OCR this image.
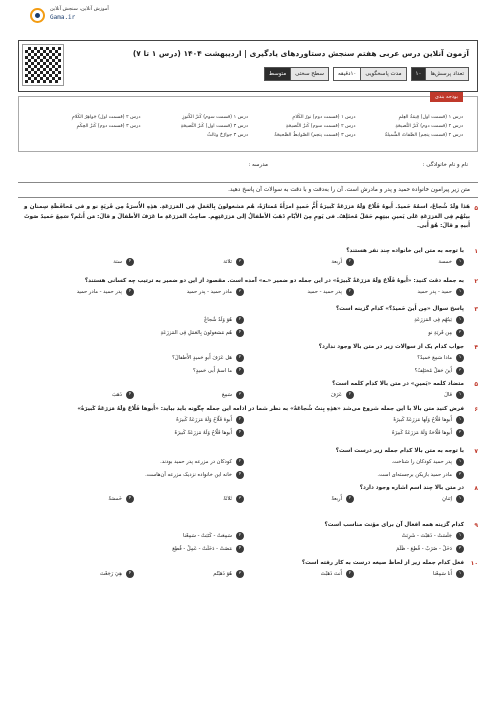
آموزش آنلاین، سنجش آنلاین
Gama.ir
آزمون آنلاین درس عربی هفتم سنجش دستاوردهای یادگیری | اردیبهشت ۱۴۰۴ (درس ۱ تا ۷)
تعداد پرسش‌ها
۱۰
مدت پاسخگویی
۱۰دقیقه
سطح سختی
متوسط
بودجه بندی
درس ۱ (قسمت اول) قِیمَةُ العِلمِ
درس ۱ (قسمت دوم) نورُ الکَلامِ
درس ۱ (قسمت سوم) کَنزُ الکُنوزِ
درس ۲ (قسمت اول) جَواهِرُ الکَلامِ
درس ۲ (قسمت دوم) کَنزُ النَّصیحَةِ
درس ۲ (قسمت سوم) کَنزُ النَّصیحَةِ
درس ۳ (قسمت اول) کَنزُ النَّصیحَةِ
درس ۳ (قسمت دوم) کَنزُ الحِکَمِ
درس ۲ (قسمت پنجم) الصِّفاتُ الشَّمیلةُ
درس ۳ (قسمت پنجم) الصّوابطُ الصِّحیحَةُ
درس ۳ جوارُحُ وثالثٌ
نام و نام خانوادگی :
مدرسه :
متن زیر پیرامون خانواده حمید و پدر و مادرش است. آن را به‌دقت و با دقت به سوالات آن پاسخ دهید.
۵
هَذا وَلَدٌ شُجاعٌ، اسمُهُ حَمیدٌ. أَبوهُ فَلّاحٌ وَلَهُ مَزرَعَةٌ کَبیرَةٌ أُمُّ حَمیدٍ امرَأَةٌ مُمتازَةٌ، هُم مَشغولونَ بِالعَمَلِ فِی المَزرَعَةِ. هذِهِ الأُسرَةُ مِن قَریَةٍ نو و فی مُحافَظَةِ سِمنان و بیتُهُم فِی المَزرَعَةِ عَلی یَمینِ بیتِهِم حَقلٌ مُختَلِفٌ. فی یَومٍ مِنَ الأیّامِ ذَهَبَ الأطفالُ إلی مَزرَعَتِهِم. صاحِبُ المَزرَعَةِ ما عَرَفَ الأطفالَ و قالَ: مَن أَنتُم؟ سَمِعَ حَمیدٌ صَوتَ أَبیهِ و قالَ: هُوَ أَبی.
۱
با توجه به متن این خانواده چند نفر هستند؟
۱
خمسة
۲
أربعة
۳
ثلاثة
۴
ستة
۲
به جمله دقت کنید: «أَبوهُ فَلّاحٌ وَلَهُ مَزرَعَةٌ کَبیرَةٌ» در این جمله دو ضمیر «ـه» آمده است. مقصود از این دو ضمیر به ترتیب چه کسانی هستند؟
۱
حمید - پدر حمید
۲
پدر حمید - حمید
۳
مادر حمید - پدر حمید
۴
پدر حمید - مادر حمید
۳
پاسخ سوال «مِن أَینَ حَمیدٌ؟» کدام گزینه است؟
۱
بَیتُهُم فِی المَزرَعَةِ
۲
هُوَ وَلَدٌ شُجاعٌ
۳
مِن قَریَةِ نو
۴
هُم مَشغولونَ بِالعَمَلِ فِی المَزرَعَةِ
۴
جواب کدام یک از سوالات زیر در متن بالا وجود ندارد؟
۱
ماذا سَمِعَ حَمیدٌ؟
۲
هَل عَرَفَ أَبو حَمیدٍ الأَطفالَ؟
۳
أَینَ حَقلٌ مُختَلِفٌ؟
۴
ما اسمُ أَبی حَمیدٍ؟
۵
متضاد کلمه «یَمینِ» در متن بالا کدام کلمه است؟
۱
قالَ
۲
عَرَفَ
۳
سَمِعَ
۴
ذَهَبَ
۶
فرض کنید متن بالا با این جمله شروع می‌شد «هذِهِ بِنتٌ شُجاعَةٌ» به نظر شما در ادامه این جمله چگونه باید بیاید: «أَبوها فَلّاحٌ وَلَهُ مَزرَعَةٌ کَبیرَةٌ»
۱
أَبوها فَلّاحٌ وَلَها مَزرَعَةٌ کَبیرَةٌ
۲
أَبوهُ فَلّاحٌ وَلَهُ مَزرَعَةٌ کَبیرَةٌ
۳
أَبوها فَلّاحَةٌ وَلَهُ مَزرَعَةٌ کَبیرَةٌ
۴
أَبوها فَلّاحٌ وَلَهُ مَزرَعَةٌ کَبیرَةٌ
۷
با توجه به متن بالا کدام جمله زیر درست است؟
۱
پدر حمید کودکان را شناخت.
۲
کودکان در مزرعه پدر حمید بودند.
۳
مادر حمید بازیکن برجسته‌ای است.
۴
خانه این خانواده نزدیک مزرعه آن‌هاست.
۸
در متن بالا چند اسم اشاره وجود دارد؟
۱
اِثنانِ
۲
أَربعةٌ
۳
ثَلاثَةٌ
۴
خَمسَةٌ
۹
کدام گزینه همه افعال آن برای مؤنث مناسب است؟
۱
جَلَسَتْ - ذَهَبْتَ - شَرِبَتْ
۲
سَمِعَتْ - کَتَبَتْ - سَمِعْنا
۳
دَخَلْ - ضَرَبْ - قُطِعَ - ظَلَمَ
۴
مَضَتْ - دَخَلَتْ - عَمِلْ - قُطِعَ
۱۰
فعل کدام جمله زیر از لحاظ صیغه درست به کار رفته است؟
۱
أَنا سَمِعْنا
۲
أَنتَ ذَهَبْتَ
۳
هُوَ ذَهَبْتُم
۴
هِيَ رَجَعْتَ
